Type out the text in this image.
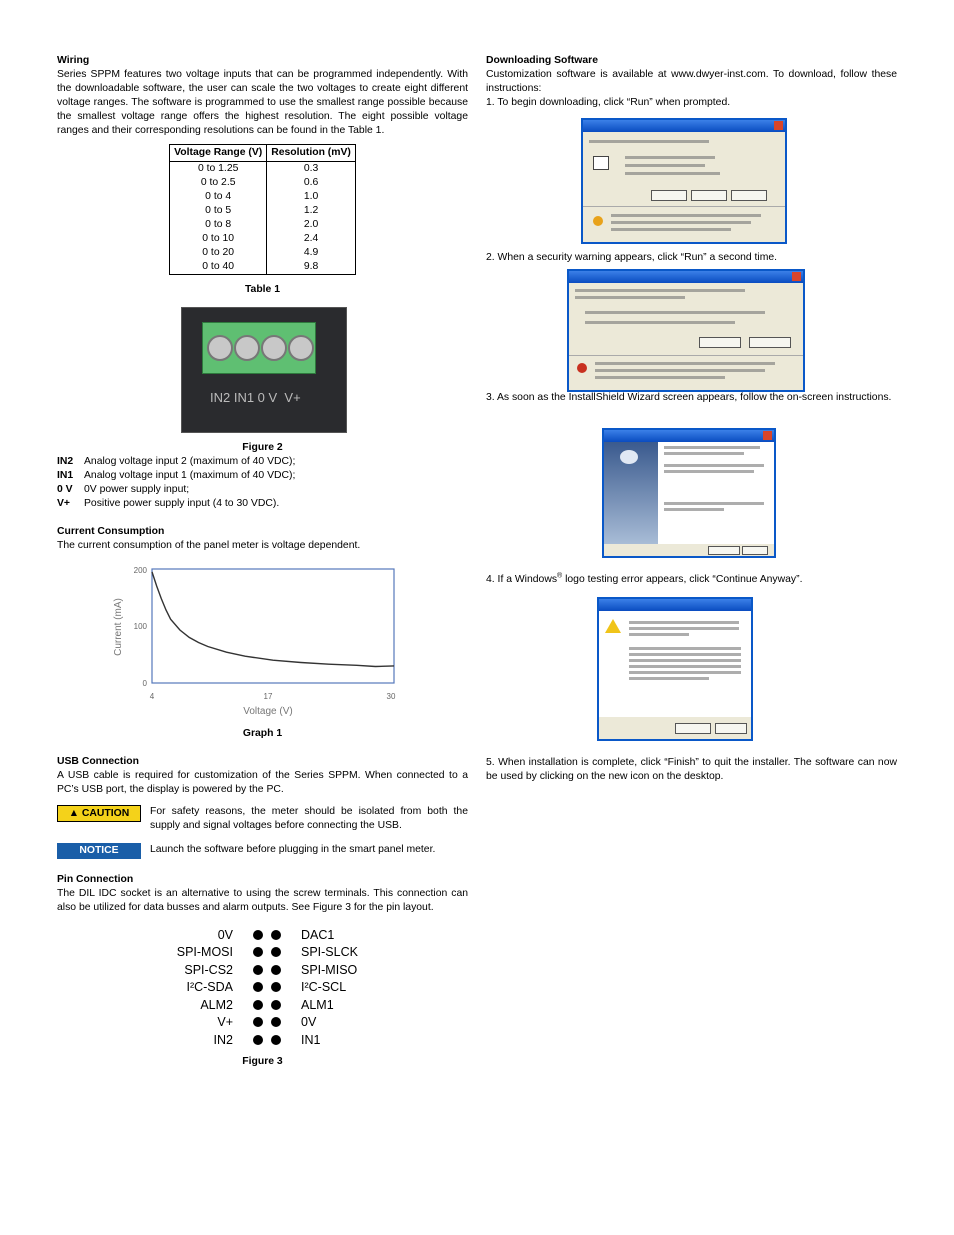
Wiring

Series SPPM features two voltage inputs that can be programmed independently. With the downloadable software, the user can scale the two voltages to create eight different voltage ranges. The software is programmed to use the smallest range possible because the smallest voltage range offers the highest resolution. The eight possible voltage ranges and their corresponding resolutions can be found in the Table 1.

Voltage Range (V)	Resolution (mV)
0 to 1.25	0.3
0 to 2.5	0.6
0 to 4	1.0
0 to 5	1.2
0 to 8	2.0
0 to 10	2.4
0 to 20	4.9
0 to 40	9.8
Table 1
IN2 IN1 0 V  V+
Figure 2
IN2 Analog voltage input 2 (maximum of 40 VDC);
IN1 Analog voltage input 1 (maximum of 40 VDC);
0 V 0V power supply input;
V+ Positive power supply input (4 to 30 VDC).
Current Consumption

The current consumption of the panel meter is voltage dependent.

0
100
200
4	17	30
Voltage (V)
Current (mA)
Graph 1
USB Connection

A USB cable is required for customization of the Series SPPM. When connected to a PC’s USB port, the display is powered by the PC.

▲ CAUTION	For safety reasons, the meter should be isolated from both the supply and signal voltages before connecting the USB.

NOTICE	Launch the software before plugging in the smart panel meter.

Pin Connection

The DIL IDC socket is an alternative to using the screw terminals. This connection can also be utilized for data busses and alarm outputs. See Figure 3 for the pin layout.

0V	DAC1
SPI-MOSI	SPI-SLCK
SPI-CS2	SPI-MISO
I²C-SDA	I²C-SCL
ALM2	ALM1
V+	0V
IN2	IN1
Figure 3
Downloading Software

Customization software is available at www.dwyer-inst.com. To download, follow these instructions:

1. To begin downloading, click “Run” when prompted.

2. When a security warning appears, click “Run” a second time.

3. As soon as the InstallShield Wizard screen appears, follow the on-screen instructions.

4. If a Windows® logo testing error appears, click “Continue Anyway”.

5. When installation is complete, click “Finish” to quit the installer. The software can now be used by clicking on the new icon on the desktop.
